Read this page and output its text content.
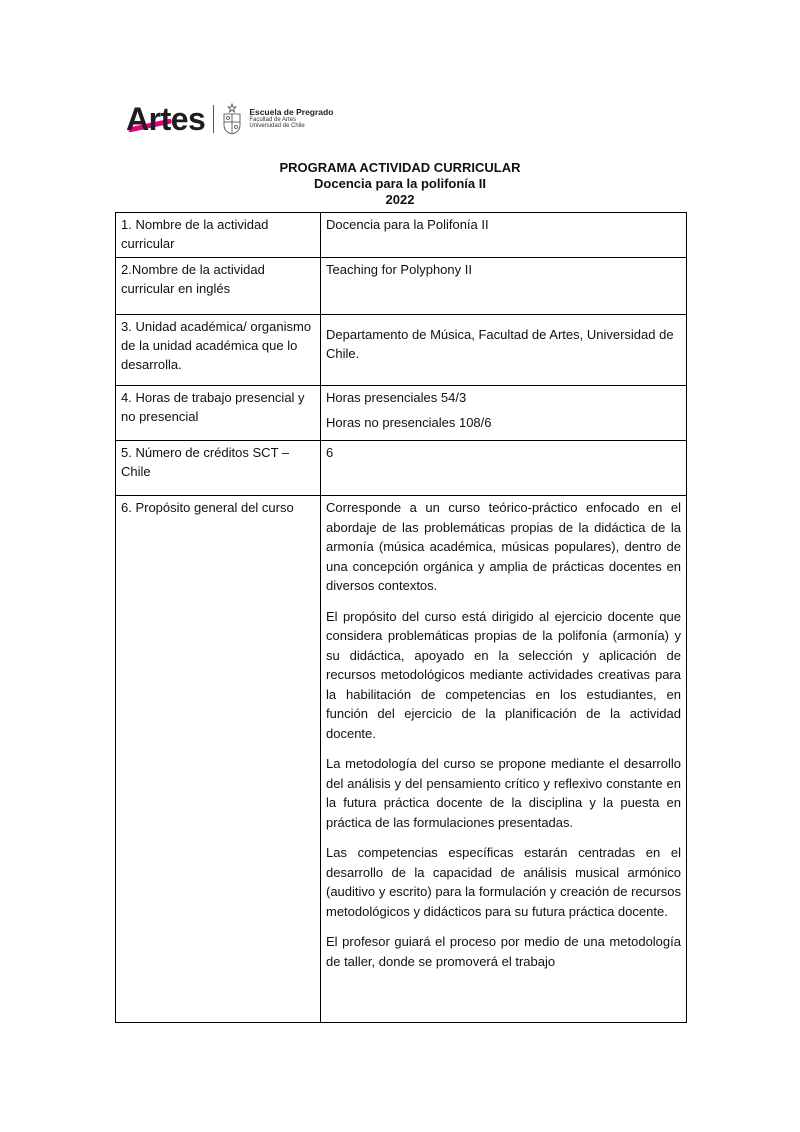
Artes	Escuela de Pregrado
Facultad de Artes
Universidad de Chile
PROGRAMA ACTIVIDAD CURRICULAR
Docencia para la polifonía II
2022
1. Nombre de la actividad curricular	Docencia para la Polifonía II

2.Nombre de la actividad curricular en inglés	Teaching for Polyphony II

3. Unidad académica/ organismo de la unidad académica que lo desarrolla.	Departamento de Música, Facultad de Artes, Universidad de Chile.

4. Horas de trabajo presencial y no presencial	Horas presenciales 54/3

Horas no presenciales 108/6

5. Número de créditos SCT – Chile	6

6. Propósito general del curso	Corresponde a un curso teórico-práctico enfocado en el abordaje de las problemáticas propias de la didáctica de la armonía (música académica, músicas populares), dentro de una concepción orgánica y amplia de prácticas docentes en diversos contextos.

El propósito del curso está dirigido al ejercicio docente que considera problemáticas propias de la polifonía (armonía) y su didáctica, apoyado en la selección y aplicación de recursos metodológicos mediante actividades creativas para la habilitación de competencias en los estudiantes, en función del ejercicio de la planificación de la actividad docente.

La metodología del curso se propone mediante el desarrollo del análisis y del pensamiento crítico y reflexivo constante en la futura práctica docente de la disciplina y la puesta en práctica de las formulaciones presentadas.

Las competencias específicas estarán centradas en el desarrollo de la capacidad de análisis musical armónico (auditivo y escrito) para la formulación y creación de recursos metodológicos y didácticos para su futura práctica docente.

El profesor guiará el proceso por medio de una metodología de taller, donde se promoverá el trabajo
